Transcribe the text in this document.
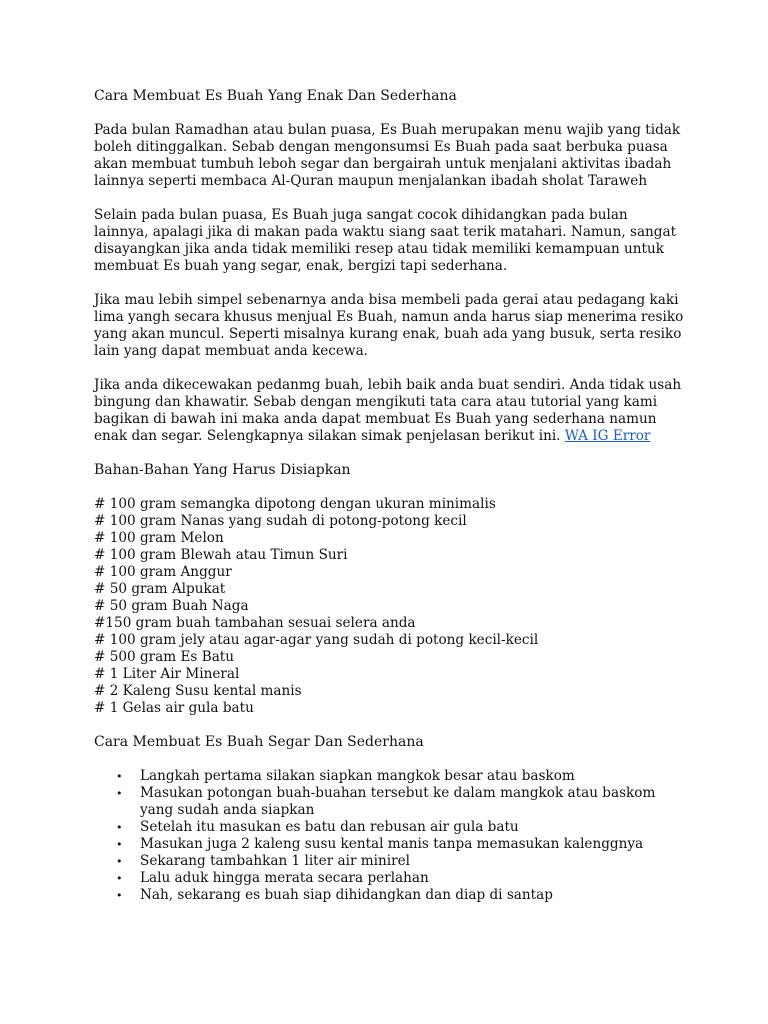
Cara Membuat Es Buah Yang Enak Dan Sederhana

Pada bulan Ramadhan atau bulan puasa, Es Buah merupakan menu wajib yang tidak boleh ditinggalkan. Sebab dengan mengonsumsi Es Buah pada saat berbuka puasa akan membuat tumbuh leboh segar dan bergairah untuk menjalani aktivitas ibadah lainnya seperti membaca Al-Quran maupun menjalankan ibadah sholat Taraweh

Selain pada bulan puasa, Es Buah juga sangat cocok dihidangkan pada bulan lainnya, apalagi jika di makan pada waktu siang saat terik matahari. Namun, sangat disayangkan jika anda tidak memiliki resep atau tidak memiliki kemampuan untuk membuat Es buah yang segar, enak, bergizi tapi sederhana.

Jika mau lebih simpel sebenarnya anda bisa membeli pada gerai atau pedagang kaki lima yangh secara khusus menjual Es Buah, namun anda harus siap menerima resiko yang akan muncul. Seperti misalnya kurang enak, buah ada yang busuk, serta resiko lain yang dapat membuat anda kecewa.

Jika anda dikecewakan pedanmg buah, lebih baik anda buat sendiri. Anda tidak usah bingung dan khawatir. Sebab dengan mengikuti tata cara atau tutorial yang kami bagikan di bawah ini maka anda dapat membuat Es Buah yang sederhana namun enak dan segar. Selengkapnya silakan simak penjelasan berikut ini. WA IG Error

Bahan-Bahan Yang Harus Disiapkan
# 100 gram semangka dipotong dengan ukuran minimalis
# 100 gram Nanas yang sudah di potong-potong kecil
# 100 gram Melon
# 100 gram Blewah atau Timun Suri
# 100 gram Anggur
# 50 gram Alpukat
# 50 gram Buah Naga
#150 gram buah tambahan sesuai selera anda
# 100 gram jely atau agar-agar yang sudah di potong kecil-kecil
# 500 gram Es Batu
# 1 Liter Air Mineral
# 2 Kaleng Susu kental manis
# 1 Gelas air gula batu
Cara Membuat Es Buah Segar Dan Sederhana
• Langkah pertama silakan siapkan mangkok besar atau baskom
• Masukan potongan buah-buahan tersebut ke dalam mangkok atau baskom yang sudah anda siapkan
• Setelah itu masukan es batu dan rebusan air gula batu
• Masukan juga 2 kaleng susu kental manis tanpa memasukan kalenggnya
• Sekarang tambahkan 1 liter air minirel
• Lalu aduk hingga merata secara perlahan
• Nah, sekarang es buah siap dihidangkan dan diap di santap
